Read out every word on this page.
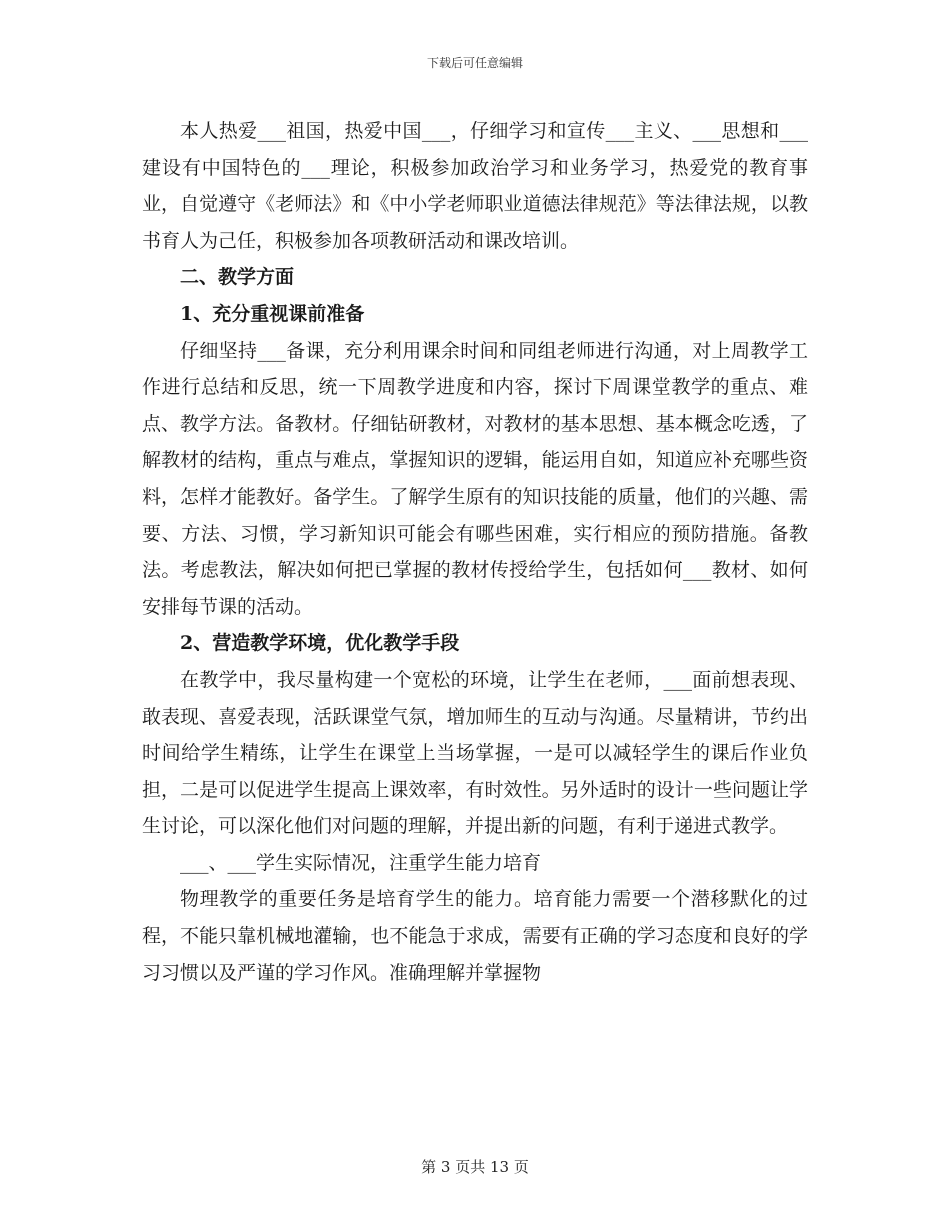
下载后可任意编辑

本人热爱___祖国，热爱中国___，仔细学习和宣传___主义、___思想和___建设有中国特色的___理论，积极参加政治学习和业务学习，热爱党的教育事业，自觉遵守《老师法》和《中小学老师职业道德法律规范》等法律法规，以教书育人为己任，积极参加各项教研活动和课改培训。

二、教学方面

1、充分重视课前准备

仔细坚持___备课，充分利用课余时间和同组老师进行沟通，对上周教学工作进行总结和反思，统一下周教学进度和内容，探讨下周课堂教学的重点、难点、教学方法。备教材。仔细钻研教材，对教材的基本思想、基本概念吃透，了解教材的结构，重点与难点，掌握知识的逻辑，能运用自如，知道应补充哪些资料，怎样才能教好。备学生。了解学生原有的知识技能的质量，他们的兴趣、需要、方法、习惯，学习新知识可能会有哪些困难，实行相应的预防措施。备教法。考虑教法，解决如何把已掌握的教材传授给学生，包括如何___教材、如何安排每节课的活动。

2、营造教学环境，优化教学手段

在教学中，我尽量构建一个宽松的环境，让学生在老师，___面前想表现、敢表现、喜爱表现，活跃课堂气氛，增加师生的互动与沟通。尽量精讲，节约出时间给学生精练，让学生在课堂上当场掌握，一是可以减轻学生的课后作业负担，二是可以促进学生提高上课效率，有时效性。另外适时的设计一些问题让学生讨论，可以深化他们对问题的理解，并提出新的问题，有利于递进式教学。

___、___学生实际情况，注重学生能力培育

物理教学的重要任务是培育学生的能力。培育能力需要一个潜移默化的过程，不能只靠机械地灌输，也不能急于求成，需要有正确的学习态度和良好的学习习惯以及严谨的学习作风。准确理解并掌握物

第 3 页共 13 页
